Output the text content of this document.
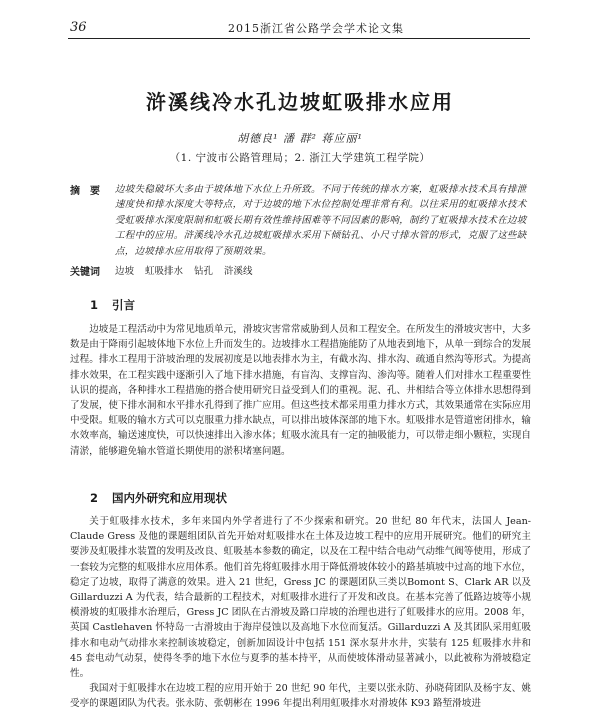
36	2015浙江省公路学会学术论文集
浒溪线冷水孔边坡虹吸排水应用
胡德良¹ 潘 群² 蒋应丽¹
（1. 宁波市公路管理局；2. 浙江大学建筑工程学院）
摘　要 边坡失稳破坏大多由于坡体地下水位上升所致。不同于传统的排水方案，虹吸排水技术具有排泄速度快和排水深度大等特点，对于边坡的地下水位控制处理非常有利。以往采用的虹吸排水技术受虹吸排水深度限制和虹吸长期有效性维持困难等不同因素的影响，制约了虹吸排水技术在边坡工程中的应用。浒溪线冷水孔边坡虹吸排水采用下倾钻孔、小尺寸排水管的形式，克服了这些缺点，边坡排水应用取得了预期效果。
关键词 边坡 虹吸排水 钻孔 浒溪线
1 引言

边坡是工程活动中为常见地质单元，滑坡灾害常常威胁到人员和工程安全。在所发生的滑坡灾害中，大多数是由于降雨引起坡体地下水位上升而发生的。边坡排水工程措施能防了从地表到地下，从单一到综合的发展过程。排水工程用于浒坡治理的发展初度是以地表排水为主，有截水沟、排水沟、疏通自然沟等形式。为提高排水效果，在工程实践中逐渐引入了地下排水措施，有盲沟、支撑盲沟、渗沟等。随着人们对排水工程重要性认识的提高，各种排水工程措施的搭合使用研究日益受到人们的重视。泥、孔、井相结合等立体排水思想得到了发展，使下排水洞和水平排水孔得到了推广应用。但这些技术都采用重力排水方式，其效果通常在实际应用中受限。虹吸的输水方式可以克服重力排水缺点，可以排出坡体深部的地下水。虹吸排水是管道密闭排水，输水效率高，输送速度快，可以快速排出入渗水体；虹吸水流具有一定的抽吸能力，可以带走细小颗粒，实现自清淤，能够避免输水管道长期使用的淤积堵塞问题。

2 国内外研究和应用现状

关于虹吸排水技术，多年来国内外学者进行了不少探索和研究。20 世纪 80 年代末，法国人 Jean-Claude Gress 及他的课题组团队首先开始对虹吸排水在土体及边坡工程中的应用开展研究。他们的研究主要涉及虹吸排水装置的发明及改良、虹吸基本参数的确定，以及在工程中结合电动气动维气阀等使用，形成了一套较为完整的虹吸排水应用体系。他们首先将虹吸排水用于降低滑坡体较小的路基填坡中过高的地下水位，稳定了边坡，取得了满意的效果。进入 21 世纪，Gress JC 的课题团队三类以Bomont S、Clark AR 以及 Gillarduzzi A 为代表，结合最新的工程技术，对虹吸排水进行了开发和改良。在基本完善了低路边坡等小规模滑坡的虹吸排水治理后，Gress JC 团队在古滑坡及路口岸坡的治理也进行了虹吸排水的应用。2008 年，英国 Castlehaven 怀特岛一古滑坡由于海岸侵蚀以及高地下水位而复活。Gillarduzzi A 及其团队采用虹吸排水和电动气动排水来控制该坡稳定，创新加固设计中包括 151 深水泵井水井，实装有 125 虹吸排水井和 45 套电动气动泵，使得冬季的地下水位与夏季的基本持平，从而使坡体滑动显著减小，以此被称为滑坡稳定性。

我国对于虹吸排水在边坡工程的应用开始于 20 世纪 90 年代，主要以张永防、孙晓荷团队及杨宇友、姚受亭的课题团队为代表。张永防、张朝彬在 1996 年提出利用虹吸排水对滑坡体 K93 路堑滑坡进
